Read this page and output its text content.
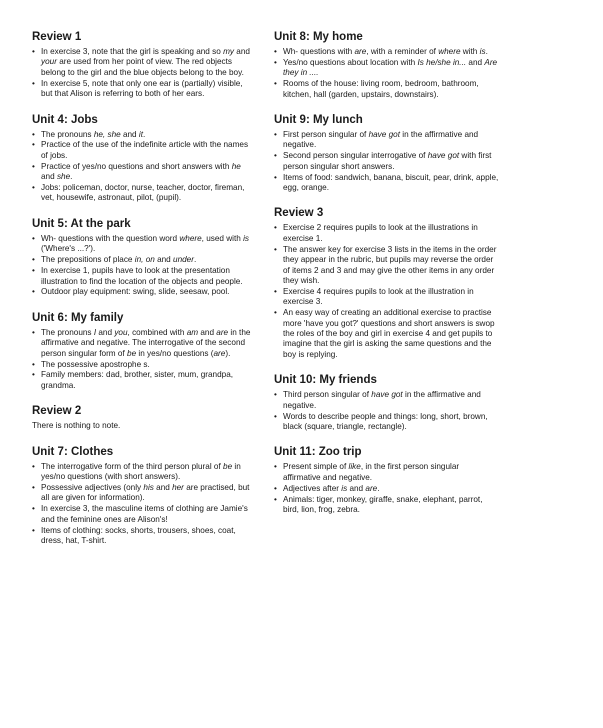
Review 1
• In exercise 3, note that the girl is speaking and so my and your are used from her point of view. The red objects belong to the girl and the blue objects belong to the boy.
• In exercise 5, note that only one ear is (partially) visible, but that Alison is referring to both of her ears.
Unit 4: Jobs
• The pronouns he, she and it.
• Practice of the use of the indefinite article with the names of jobs.
• Practice of yes/no questions and short answers with he and she.
• Jobs: policeman, doctor, nurse, teacher, doctor, fireman, vet, housewife, astronaut, pilot, (pupil).
Unit 5: At the park
• Wh- questions with the question word where, used with is ('Where's ...?').
• The prepositions of place in, on and under.
• In exercise 1, pupils have to look at the presentation illustration to find the location of the objects and people.
• Outdoor play equipment: swing, slide, seesaw, pool.
Unit 6: My family
• The pronouns I and you, combined with am and are in the affirmative and negative. The interrogative of the second person singular form of be in yes/no questions (are).
• The possessive apostrophe s.
• Family members: dad, brother, sister, mum, grandpa, grandma.
Review 2

There is nothing to note.

Unit 7: Clothes
• The interrogative form of the third person plural of be in yes/no questions (with short answers).
• Possessive adjectives (only his and her are practised, but all are given for information).
• In exercise 3, the masculine items of clothing are Jamie's and the feminine ones are Alison's!
• Items of clothing: socks, shorts, trousers, shoes, coat, dress, hat, T-shirt.
Unit 8: My home
• Wh- questions with are, with a reminder of where with is.
• Yes/no questions about location with Is he/she in... and Are they in ....
• Rooms of the house: living room, bedroom, bathroom, kitchen, hall (garden, upstairs, downstairs).
Unit 9: My lunch
• First person singular of have got in the affirmative and negative.
• Second person singular interrogative of have got with first person singular short answers.
• Items of food: sandwich, banana, biscuit, pear, drink, apple, egg, orange.
Review 3
• Exercise 2 requires pupils to look at the illustrations in exercise 1.
• The answer key for exercise 3 lists in the items in the order they appear in the rubric, but pupils may reverse the order of items 2 and 3 and may give the other items in any order they wish.
• Exercise 4 requires pupils to look at the illustration in exercise 3.
• An easy way of creating an additional exercise to practise more 'have you got?' questions and short answers is swop the roles of the boy and girl in exercise 4 and get pupils to imagine that the girl is asking the same questions and the boy is replying.
Unit 10: My friends
• Third person singular of have got in the affirmative and negative.
• Words to describe people and things: long, short, brown, black (square, triangle, rectangle).
Unit 11: Zoo trip
• Present simple of like, in the first person singular affirmative and negative.
• Adjectives after is and are.
• Animals: tiger, monkey, giraffe, snake, elephant, parrot, bird, lion, frog, zebra.
